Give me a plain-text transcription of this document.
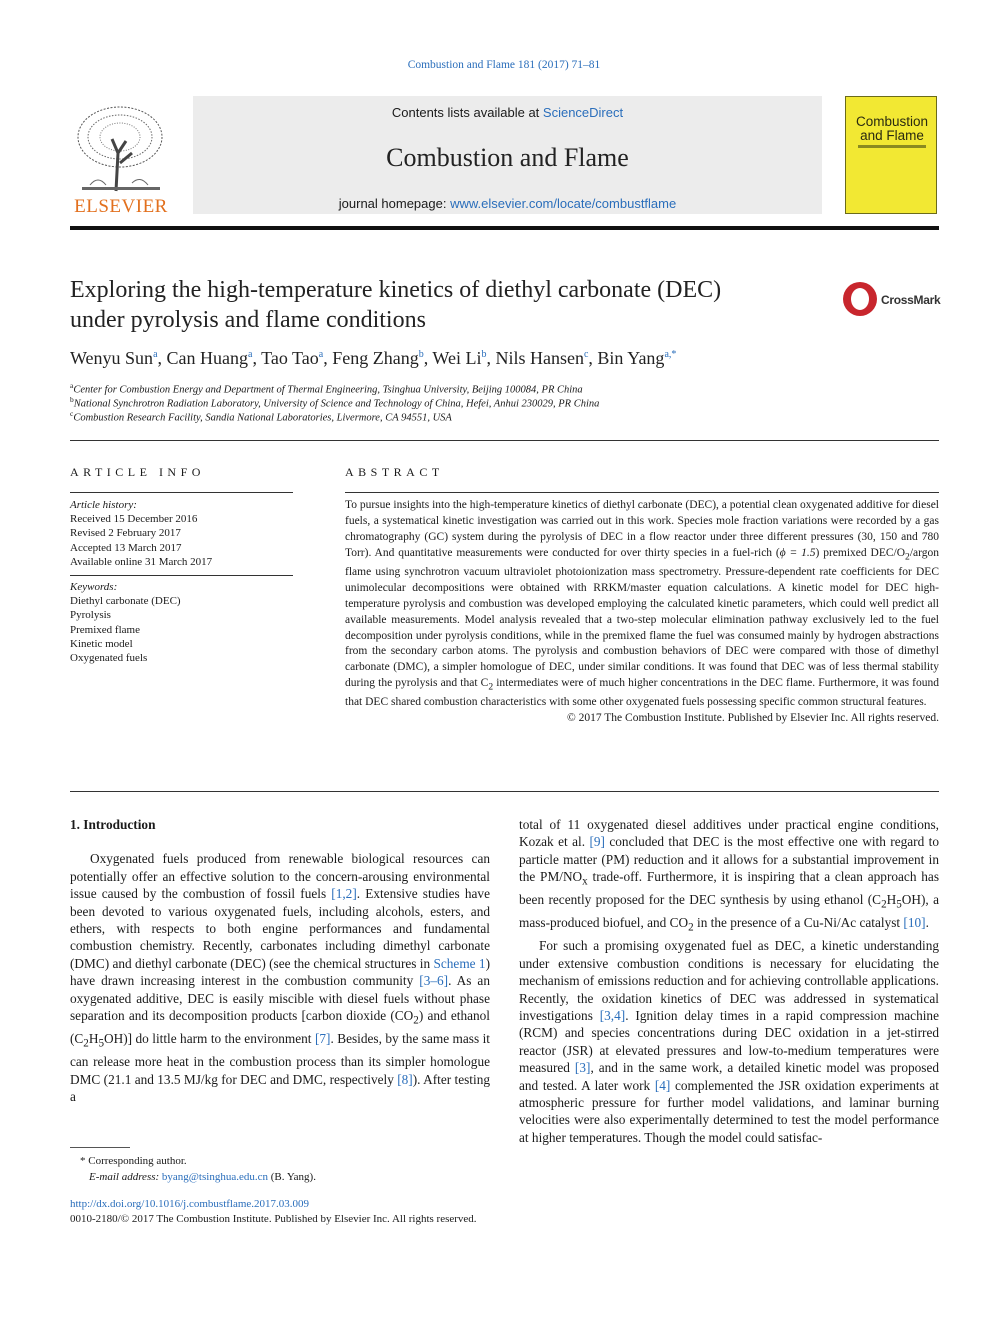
Combustion and Flame 181 (2017) 71–81
ELSEVIER
Contents lists available at ScienceDirect
Combustion and Flame
journal homepage: www.elsevier.com/locate/combustflame
Combustion and Flame
Exploring the high-temperature kinetics of diethyl carbonate (DEC)
under pyrolysis and flame conditions
CrossMark
Wenyu Sun$^a$, Can Huang$^a$, Tao Tao$^a$, Feng Zhang$^b$, Wei Li$^b$, Nils Hansen$^c$, Bin Yang$^{a,*}$
$^a$Center for Combustion Energy and Department of Thermal Engineering, Tsinghua University, Beijing 100084, PR China
$^b$National Synchrotron Radiation Laboratory, University of Science and Technology of China, Hefei, Anhui 230029, PR China
$^c$Combustion Research Facility, Sandia National Laboratories, Livermore, CA 94551, USA
ARTICLE INFO
Article history:
Received 15 December 2016
Revised 2 February 2017
Accepted 13 March 2017
Available online 31 March 2017
Keywords:
Diethyl carbonate (DEC)
Pyrolysis
Premixed flame
Kinetic model
Oxygenated fuels
ABSTRACT
To pursue insights into the high-temperature kinetics of diethyl carbonate (DEC), a potential clean oxygenated additive for diesel fuels, a systematical kinetic investigation was carried out in this work. Species mole fraction variations were recorded by a gas chromatography (GC) system during the pyrolysis of DEC in a flow reactor under three different pressures (30, 150 and 780 Torr). And quantitative measurements were conducted for over thirty species in a fuel-rich (ϕ = 1.5) premixed DEC/$O_2$/argon flame using synchrotron vacuum ultraviolet photoionization mass spectrometry. Pressure-dependent rate coefficients for DEC unimolecular decompositions were obtained with RRKM/master equation calculations. A kinetic model for DEC high-temperature pyrolysis and combustion was developed employing the calculated kinetic parameters, which could well predict all available measurements. Model analysis revealed that a two-step molecular elimination pathway exclusively led to the fuel decomposition under pyrolysis conditions, while in the premixed flame the fuel was consumed mainly by hydrogen abstractions from the secondary carbon atoms. The pyrolysis and combustion behaviors of DEC were compared with those of dimethyl carbonate (DMC), a simpler homologue of DEC, under similar conditions. It was found that DEC was of less thermal stability during the pyrolysis and that $C_2$ intermediates were of much higher concentrations in the DEC flame. Furthermore, it was found that DEC shared combustion characteristics with some other oxygenated fuels possessing specific common structural features.
© 2017 The Combustion Institute. Published by Elsevier Inc. All rights reserved.

1. Introduction

Oxygenated fuels produced from renewable biological resources can potentially offer an effective solution to the concern-arousing environmental issue caused by the combustion of fossil fuels [1,2]. Extensive studies have been devoted to various oxygenated fuels, including alcohols, esters, and ethers, with respects to both engine performances and fundamental combustion chemistry. Recently, carbonates including dimethyl carbonate (DMC) and diethyl carbonate (DEC) (see the chemical structures in Scheme 1) have drawn increasing interest in the combustion community [3–6]. As an oxygenated additive, DEC is easily miscible with diesel fuels without phase separation and its decomposition products [carbon dioxide $(CO_2)$ and ethanol $(C_2H_5OH)$] do little harm to the environment [7]. Besides, by the same mass it can release more heat in the combustion process than its simpler homologue DMC (21.1 and 13.5 MJ/kg for DEC and DMC, respectively [8]). After testing a

total of 11 oxygenated diesel additives under practical engine conditions, Kozak et al. [9] concluded that DEC is the most effective one with regard to particle matter (PM) reduction and it allows for a substantial improvement in the $PM/NO_x$ trade-off. Furthermore, it is inspiring that a clean approach has been recently proposed for the DEC synthesis by using ethanol $(C_2H_5OH)$, a mass-produced biofuel, and $CO_2$ in the presence of a Cu-Ni/Ac catalyst [10].

For such a promising oxygenated fuel as DEC, a kinetic understanding under extensive combustion conditions is necessary for elucidating the mechanism of emissions reduction and for achieving controllable applications. Recently, the oxidation kinetics of DEC was addressed in systematical investigations [3,4]. Ignition delay times in a rapid compression machine (RCM) and species concentrations during DEC oxidation in a jet-stirred reactor (JSR) at elevated pressures and low-to-medium temperatures were measured [3], and in the same work, a detailed kinetic model was proposed and tested. A later work [4] complemented the JSR oxidation experiments at atmospheric pressure for further model validations, and laminar burning velocities were also experimentally determined to test the model performance at higher temperatures. Though the model could satisfac-

* Corresponding author.
E-mail address: byang@tsinghua.edu.cn (B. Yang).
http://dx.doi.org/10.1016/j.combustflame.2017.03.009
0010-2180/© 2017 The Combustion Institute. Published by Elsevier Inc. All rights reserved.
